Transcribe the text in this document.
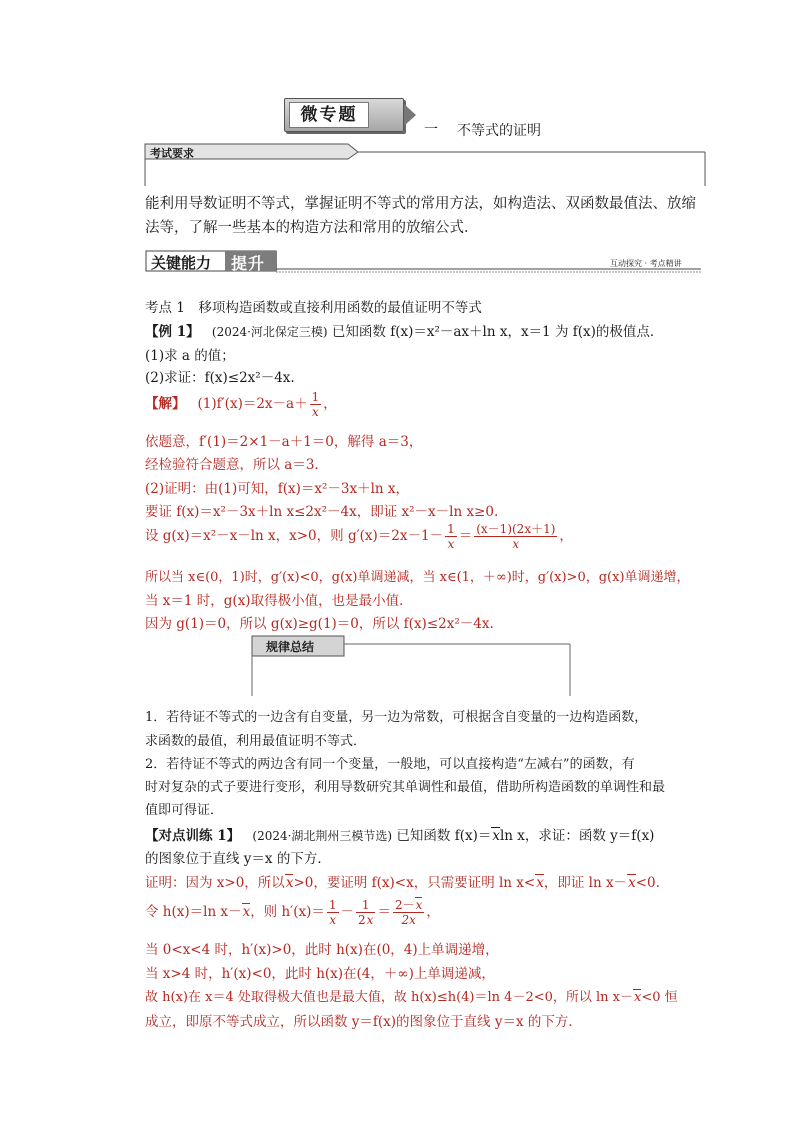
微专题
一 不等式的证明
考试要求
能利用导数证明不等式，掌握证明不等式的常用方法，如构造法、双函数最值法、放缩
法等，了解一些基本的构造方法和常用的放缩公式．
关键能力 提升	互动探究 · 考点精讲
考点 1　移项构造函数或直接利用函数的最值证明不等式
【例 1】 (2024·河北保定三模) 已知函数 f(x)＝x²－ax＋ln x，x＝1 为 f(x)的极值点．
(1)求 a 的值；
(2)求证：f(x)≤2x²－4x.
【解】 $(1)f'(x)=2x-a+ \frac{1}{x}$ ，
依题意，f′(1)＝2×1－a＋1＝0，解得 a＝3，
经检验符合题意，所以 a＝3.
(2)证明：由(1)可知，f(x)＝x²－3x＋ln x，
要证 f(x)＝x²－3x＋ln x≤2x²－4x，即证 x²－x－ln x≥0.
设 g(x)＝x²－x－ln x，x>0，则 $g'(x)=2x-1- \frac{1}{x} = \frac{(x-1)(2x+1)}{x}$ ，
所以当 x∈(0，1)时，g′(x)<0，g(x)单调递减，当 x∈(1，＋∞)时，g′(x)>0，g(x)单调递增，
当 x＝1 时，g(x)取得极小值，也是最小值．
因为 g(1)＝0，所以 g(x)≥g(1)＝0，所以 f(x)≤2x²－4x.
规律总结
1．若待证不等式的一边含有自变量，另一边为常数，可根据含自变量的一边构造函数，
求函数的最值，利用最值证明不等式．
2．若待证不等式的两边含有同一个变量，一般地，可以直接构造“左减右”的函数，有
时对复杂的式子要进行变形，利用导数研究其单调性和最值，借助所构造函数的单调性和最
值即可得证．
【对点训练 1】 (2024·湖北荆州三模节选) 已知函数 f(x)＝xln x，求证：函数 y＝f(x)
的图象位于直线 y＝x 的下方．
证明：因为 x>0，所以x>0，要证明 f(x)<x，只需要证明 ln x<x，即证 ln x－x<0.
令 h(x)＝ln x－x，则 $h'(x)= \frac{1}{x} - \frac{1}{2x} = \frac{2-x}{2x}$ ，
当 0<x<4 时，h′(x)>0，此时 h(x)在(0，4)上单调递增，
当 x>4 时，h′(x)<0，此时 h(x)在(4，＋∞)上单调递减，
故 h(x)在 x＝4 处取得极大值也是最大值，故 h(x)≤h(4)＝ln 4－2<0，所以 ln x－x<0 恒
成立，即原不等式成立，所以函数 y＝f(x)的图象位于直线 y＝x 的下方．
